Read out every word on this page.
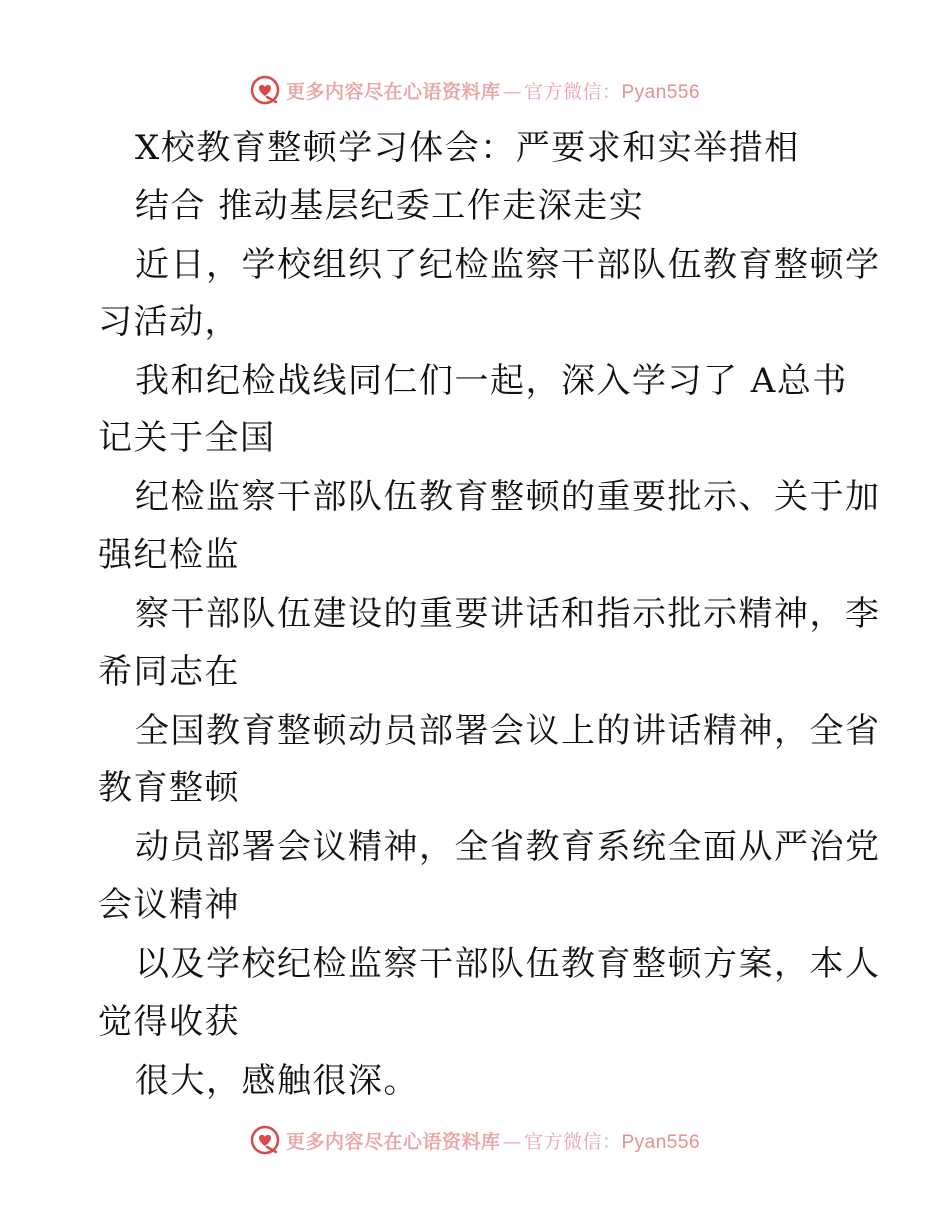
更多内容尽在心语资料库 — 官方微信：Pyan556
X校教育整顿学习体会：严要求和实举措相
结合 推动基层纪委工作走深走实
近日，学校组织了纪检监察干部队伍教育整顿学
习活动，
我和纪检战线同仁们一起，深入学习了 A总书
记关于全国
纪检监察干部队伍教育整顿的重要批示、关于加
强纪检监
察干部队伍建设的重要讲话和指示批示精神，李
希同志在
全国教育整顿动员部署会议上的讲话精神，全省
教育整顿
动员部署会议精神，全省教育系统全面从严治党
会议精神
以及学校纪检监察干部队伍教育整顿方案，本人
觉得收获
很大，感触很深。
更多内容尽在心语资料库 — 官方微信：Pyan556
